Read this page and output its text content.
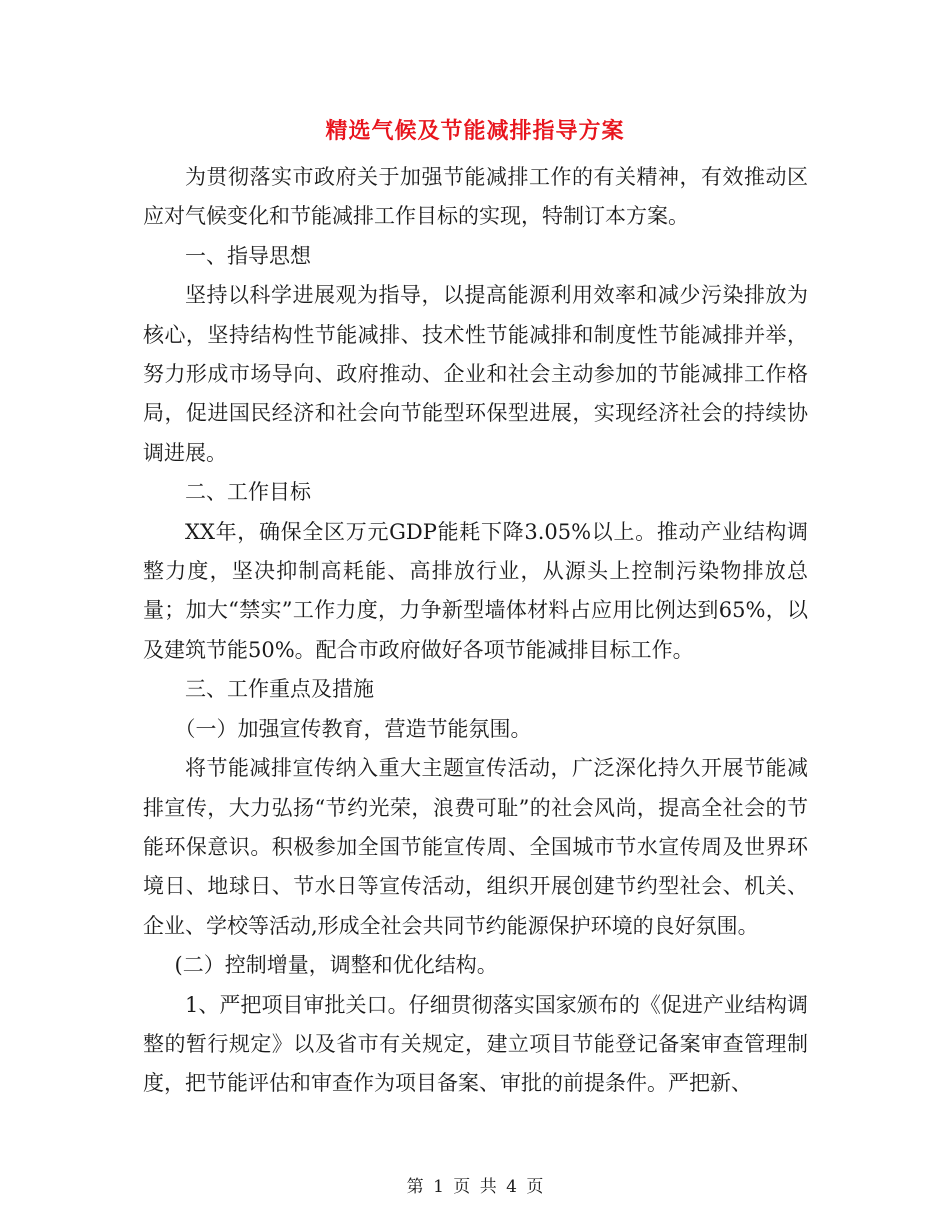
精选气候及节能减排指导方案

为贯彻落实市政府关于加强节能减排工作的有关精神，有效推动区应对气候变化和节能减排工作目标的实现，特制订本方案。

一、指导思想

坚持以科学进展观为指导，以提高能源利用效率和减少污染排放为核心，坚持结构性节能减排、技术性节能减排和制度性节能减排并举，努力形成市场导向、政府推动、企业和社会主动参加的节能减排工作格局，促进国民经济和社会向节能型环保型进展，实现经济社会的持续协调进展。

二、工作目标

XX年，确保全区万元GDP能耗下降3.05%以上。推动产业结构调整力度，坚决抑制高耗能、高排放行业，从源头上控制污染物排放总量；加大“禁实”工作力度，力争新型墙体材料占应用比例达到65%，以及建筑节能50%。配合市政府做好各项节能减排目标工作。

三、工作重点及措施

（一）加强宣传教育，营造节能氛围。

将节能减排宣传纳入重大主题宣传活动，广泛深化持久开展节能减排宣传，大力弘扬“节约光荣，浪费可耻”的社会风尚，提高全社会的节能环保意识。积极参加全国节能宣传周、全国城市节水宣传周及世界环境日、地球日、节水日等宣传活动，组织开展创建节约型社会、机关、企业、学校等活动,形成全社会共同节约能源保护环境的良好氛围。

(二）控制增量，调整和优化结构。

1、严把项目审批关口。仔细贯彻落实国家颁布的《促进产业结构调整的暂行规定》以及省市有关规定，建立项目节能登记备案审查管理制度，把节能评估和审查作为项目备案、审批的前提条件。严把新、

第 1 页 共 4 页
